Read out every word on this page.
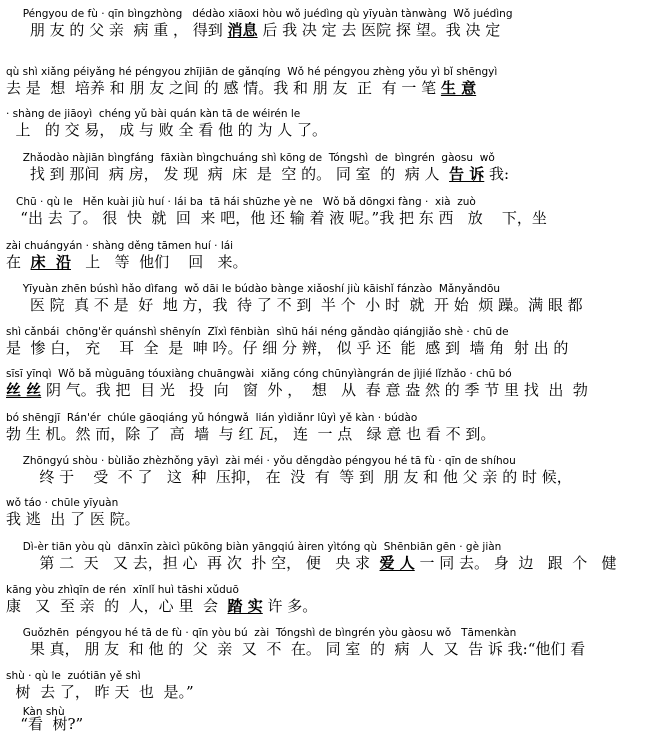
Péngyou de fù · qīn bìngzhòng   dédào xiāoxi hòu wǒ juédìng qù yīyuàn tànwàng  Wǒ juédìng
朋 友 的 父 亲  病 重 ， 得到 消息 后 我 决 定 去 医院 探 望。我 决 定
qù shì xiǎng péiyǎng hé péngyou zhījiān de gǎnqíng  Wǒ hé péngyou zhèng yǒu yì bǐ shēngyì
去 是  想  培养 和 朋 友 之间 的 感 情。我 和 朋 友  正  有 一 笔 生 意
· shàng de jiāoyì  chéng yǔ bài quán kàn tā de wéirén le
上   的 交 易， 成 与 败 全 看 他 的 为 人 了。
Zhǎodào nàjiān bìngfáng  fāxiàn bìngchuáng shì kōng de  Tóngshì  de  bìngrén  gàosu  wǒ
找 到 那间  病 房， 发 现  病  床  是  空 的。 同 室  的  病 人  告 诉 我:
Chū · qù le   Hěn kuài jiù huí · lái ba  tā hái shūzhe yè ne   Wǒ bǎ dōngxi fàng ·  xià  zuò
“出 去 了。 很  快  就  回  来 吧，他 还 输 着 液 呢。”我 把 东 西   放    下，坐
zài chuángyán · shàng děng tāmen huí · lái
在  床  沿   上   等  他们    回   来。
Yīyuàn zhēn búshì hǎo dìfang  wǒ dāi le búdào bànge xiǎoshí jiù kāishǐ fánzào  Mǎnyǎndōu
医 院  真 不 是  好  地 方，我  待 了 不 到  半 个  小 时  就  开 始  烦 躁。满 眼 都
shì cǎnbái  chōng'ěr quánshì shēnyín  Zǐxì fēnbiàn  sìhū hái néng gǎndào qiángjiǎo shè · chū de
是  惨 白， 充    耳  全  是  呻 吟。仔 细 分 辨， 似 乎 还  能  感 到  墙 角  射 出 的
sīsī yīnqì  Wǒ bǎ mùguāng tóuxiàng chuāngwài  xiǎng cóng chūnyìàngrán de jìjié lǐzhǎo · chū bó
丝 丝 阴 气。我 把  目 光   投  向   窗  外 ，  想   从  春 意 盎 然 的 季 节 里 找  出  勃
bó shēngjī  Rán'ér  chúle gāoqiáng yǔ hóngwǎ  lián yìdiǎnr lǜyì yě kàn · búdào
勃 生 机。然 而，除 了  高  墙  与 红 瓦， 连  一 点   绿 意 也 看 不 到。
Zhōngyú shòu · bùliǎo zhèzhǒng yāyì  zài méi · yǒu děngdào péngyou hé tā fù · qīn de shíhou
终 于    受  不 了   这  种  压抑， 在  没  有  等 到  朋 友 和 他 父 亲 的 时 候，
wǒ táo · chūle yīyuàn
我 逃  出 了 医 院。
Dì-èr tiān yòu qù  dānxīn zàicì pūkōng biàn yāngqiú àiren yìtóng qù  Shēnbiān gēn · gè jiàn
第 二  天   又 去，担 心  再 次  扑 空， 便   央 求  爱 人 一 同 去。 身  边   跟  个   健
kāng yòu zhìqīn de rén  xīnlǐ huì tāshi xǔduō
康   又  至 亲  的  人，心 里  会  踏 实 许 多。
Guǒzhēn  péngyou hé tā de fù · qīn yòu bú  zài  Tóngshì de bìngrén yòu gàosu wǒ   Tāmenkàn
果 真， 朋 友  和 他 的  父  亲  又  不  在。 同 室  的  病  人  又  告 诉 我:“他们 看
shù · qù le  zuótiān yě shì
树  去 了， 昨 天  也  是。”
Kàn shù
“看  树?”
